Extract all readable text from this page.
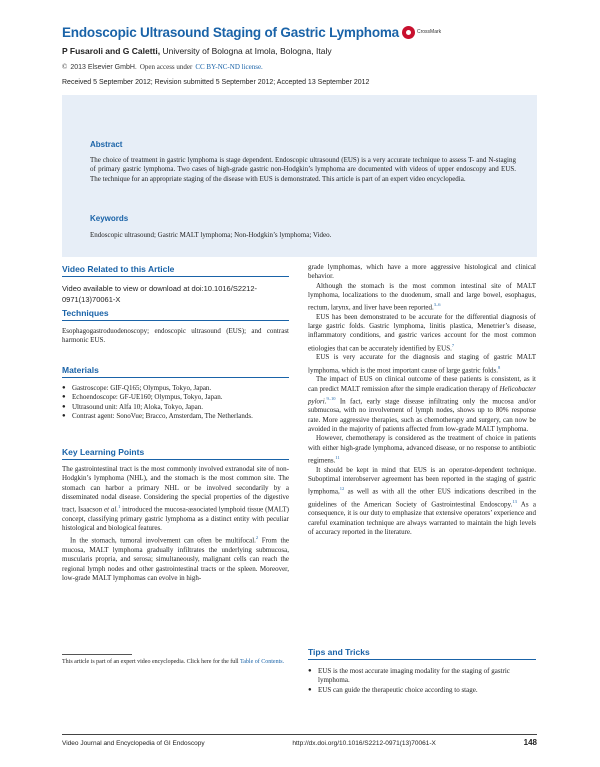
Endoscopic Ultrasound Staging of Gastric Lymphoma	CrossMark
P Fusaroli and G Caletti, University of Bologna at Imola, Bologna, Italy
© 2013 Elsevier GmbH. Open access under CC BY-NC-ND license.
Received 5 September 2012; Revision submitted 5 September 2012; Accepted 13 September 2012
Abstract
The choice of treatment in gastric lymphoma is stage dependent. Endoscopic ultrasound (EUS) is a very accurate technique to assess T- and N-staging of primary gastric lymphoma. Two cases of high-grade gastric non-Hodgkin’s lymphoma are documented with videos of upper endoscopy and EUS. The technique for an appropriate staging of the disease with EUS is demonstrated. This article is part of an expert video encyclopedia.
Keywords
Endoscopic ultrasound; Gastric MALT lymphoma; Non-Hodgkin’s lymphoma; Video.
Video Related to this Article
Video available to view or download at doi:10.1016/S2212-0971(13)70061-X
Techniques

Esophagogastroduodenoscopy; endoscopic ultrasound (EUS); and contrast harmonic EUS.

Materials
● Gastroscope: GIF-Q165; Olympus, Tokyo, Japan.
● Echoendoscope: GF-UE160; Olympus, Tokyo, Japan.
● Ultrasound unit: Alfa 10; Aloka, Tokyo, Japan.
● Contrast agent: SonoVue; Bracco, Amsterdam, The Netherlands.
Key Learning Points

The gastrointestinal tract is the most commonly involved extranodal site of non-Hodgkin’s lymphoma (NHL), and the stomach is the most common site. The stomach can harbor a primary NHL or be involved secondarily by a disseminated nodal disease. Considering the special properties of the digestive tract, Isaacson et al.$^1$ introduced the mucosa-associated lymphoid tissue (MALT) concept, classifying primary gastric lymphoma as a distinct entity with peculiar histological and biological features.

In the stomach, tumoral involvement can often be multifocal.$^2$ From the mucosa, MALT lymphoma gradually infiltrates the underlying submucosa, muscularis propria, and serosa; simultaneously, malignant cells can reach the regional lymph nodes and other gastrointestinal tracts or the spleen. Moreover, low-grade MALT lymphomas can evolve in high-

This article is part of an expert video encyclopedia. Click here for the full Table of Contents.

grade lymphomas, which have a more aggressive histological and clinical behavior.

Although the stomach is the most common intestinal site of MALT lymphoma, localizations to the duodenum, small and large bowel, esophagus, rectum, larynx, and liver have been reported.$^{3-6}$

EUS has been demonstrated to be accurate for the differential diagnosis of large gastric folds. Gastric lymphoma, linitis plastica, Menetrier’s disease, inflammatory conditions, and gastric varices account for the most common etiologies that can be accurately identified by EUS.$^7$

EUS is very accurate for the diagnosis and staging of gastric MALT lymphoma, which is the most important cause of large gastric folds.$^8$

The impact of EUS on clinical outcome of these patients is consistent, as it can predict MALT remission after the simple eradication therapy of Helicobacter pylori.$^{9-10}$ In fact, early stage disease infiltrating only the mucosa and/or submucosa, with no involvement of lymph nodes, shows up to 80% response rate. More aggressive therapies, such as chemotherapy and surgery, can now be avoided in the majority of patients affected from low-grade MALT lymphoma.

However, chemotherapy is considered as the treatment of choice in patients with either high-grade lymphoma, advanced disease, or no response to antibiotic regimens.$^{11}$

It should be kept in mind that EUS is an operator-dependent technique. Suboptimal interobserver agreement has been reported in the staging of gastric lymphoma,$^{12}$ as well as with all the other EUS indications described in the guidelines of the American Society of Gastrointestinal Endoscopy.$^{13}$ As a consequence, it is our duty to emphasize that extensive operators’ experience and careful examination technique are always warranted to maintain the high levels of accuracy reported in the literature.

Tips and Tricks
● EUS is the most accurate imaging modality for the staging of gastric lymphoma.
● EUS can guide the therapeutic choice according to stage.
Video Journal and Encyclopedia of GI Endoscopy	http://dx.doi.org/10.1016/S2212-0971(13)70061-X	148
